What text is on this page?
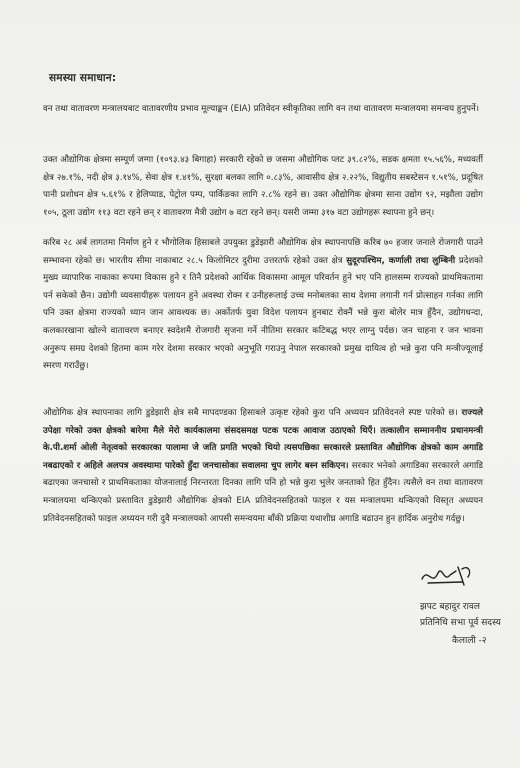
समस्या समाधान:

वन तथा वातावरण मन्त्रालयबाट वातावरणीय प्रभाव मूल्याङ्कन (EIA) प्रतिवेदन स्वीकृतिका लागि वन तथा वातावरण मन्त्रालयमा समन्वय हुनुपर्ने।

उक्त औद्योगिक क्षेत्रमा सम्पूर्ण जग्गा (१०९३.४३ बिगाहा) सरकारी रहेको छ जसमा औद्योगिक प्लट ३९.८२%, सडक क्षमता १५.५६%, मध्यवर्ती क्षेत्र २७.१%, नदी क्षेत्र ३.१४%, सेवा क्षेत्र १.४१%, सुरक्षा बलका लागि ०.८३%, आवासीय क्षेत्र २.२२%, विद्युतीय सबस्टेसन १.५१%, प्रदूषित पानी प्रशोधन क्षेत्र ५.६१% र हेलिप्याड, पेट्रोल पम्प, पार्किङका लागि २.८% रहने छ। उक्त औद्योगिक क्षेत्रमा साना उद्योग ९२, मझौला उद्योग १०५, ठूला उद्योग ११३ वटा रहने छन् र वातावरण मैत्री उद्योग ७ वटा रहने छन्। यसरी जम्मा ३१७ वटा उद्योगहरू स्थापना हुने छन्।

करिब २८ अर्ब लागतमा निर्माण हुने र भौगोलिक हिसाबले उपयुक्त डुडेझारी औद्योगिक क्षेत्र स्थापनापछि करिब ७० हजार जनाले रोजगारी पाउने सम्भावना रहेको छ। भारतीय सीमा नाकाबाट २८.५ किलोमिटर दुरीमा उत्तरतर्फ रहेको उक्त क्षेत्र सुदूरपश्चिम, कर्णाली तथा लुम्बिनी प्रदेशको मुख्य व्यापारिक नाकाका रूपमा विकास हुने र तिनै प्रदेशको आर्थिक विकासमा आमूल परिवर्तन हुने भए पनि हालसम्म राज्यको प्राथमिकतामा पर्न सकेको छैन। उद्योगी व्यवसायीहरू पलायन हुने अवस्था रोक्न र उनीहरूलाई उच्च मनोबलका साथ देशमा लगानी गर्न प्रोत्साहन गर्नका लागि पनि उक्त क्षेत्रमा राज्यको ध्यान जान आवश्यक छ। अर्कोतर्फ युवा विदेश पलायन हुनबाट रोक्नैं भन्ने कुरा बोलेर मात्र हुँदैन, उद्योगधन्दा, कलकारखाना खोल्ने वातावरण बनाएर स्वदेशमै रोजगारी सृजना गर्ने नीतिमा सरकार कटिबद्ध भएर लाग्नु पर्दछ। जन चाहना र जन भावना अनुरूप समग्र देशको हितमा काम गरेर देशमा सरकार भएको अनुभूति गराउनु नेपाल सरकारको प्रमुख दायित्व हो भन्ने कुरा पनि मन्त्रीज्यूलाई स्मरण गराउँछु।

औद्योगिक क्षेत्र स्थापनाका लागि डुडेझारी क्षेत्र सबै मापदण्डका हिसाबले उत्कृष्ट रहेको कुरा पनि अध्ययन प्रतिवेदनले स्पष्ट पारेको छ। राज्यले उपेक्षा गरेको उक्त क्षेत्रको बारेमा मैले मेरो कार्यकालमा संसदसमक्ष पटक पटक आवाज उठाएको थिएँ। तत्कालीन सम्माननीय प्रधानमन्त्री के.पी.शर्मा ओली नेतृत्वको सरकारका पालामा जे जति प्रगति भएको थियो त्यसपछिका सरकारले प्रस्तावित औद्योगिक क्षेत्रको काम अगाडि नबढाएको र अहिले अलपत्र अवस्थामा पारेको हुँदा जनचासोका सवालमा चुप लागेर बस्न सकिएन। सरकार भनेको अगाडिका सरकारले अगाडि बढाएका जनचासो र प्राथमिकताका योजनालाई निरन्तरता दिनका लागि पनि हो भन्ने कुरा भुलेर जनताको हित हुँदैन। त्यसैले वन तथा वातावरण मन्त्रालयमा थन्किएको प्रस्तावित डुडेझारी औद्योगिक क्षेत्रको EIA प्रतिवेदनसहितको फाइल र यस मन्त्रालयमा थन्किएको विस्तृत अध्ययन प्रतिवेदनसहितको फाइल अध्ययन गरी दुवै मन्त्रालयको आपसी समन्वयमा बाँकी प्रक्रिया यथाशीघ्र अगाडि बढाउन हुन हार्दिक अनुरोध गर्दछु।

झपट बहादुर रावल
प्रतिनिधि सभा पूर्व सदस्य
कैलाली -२
